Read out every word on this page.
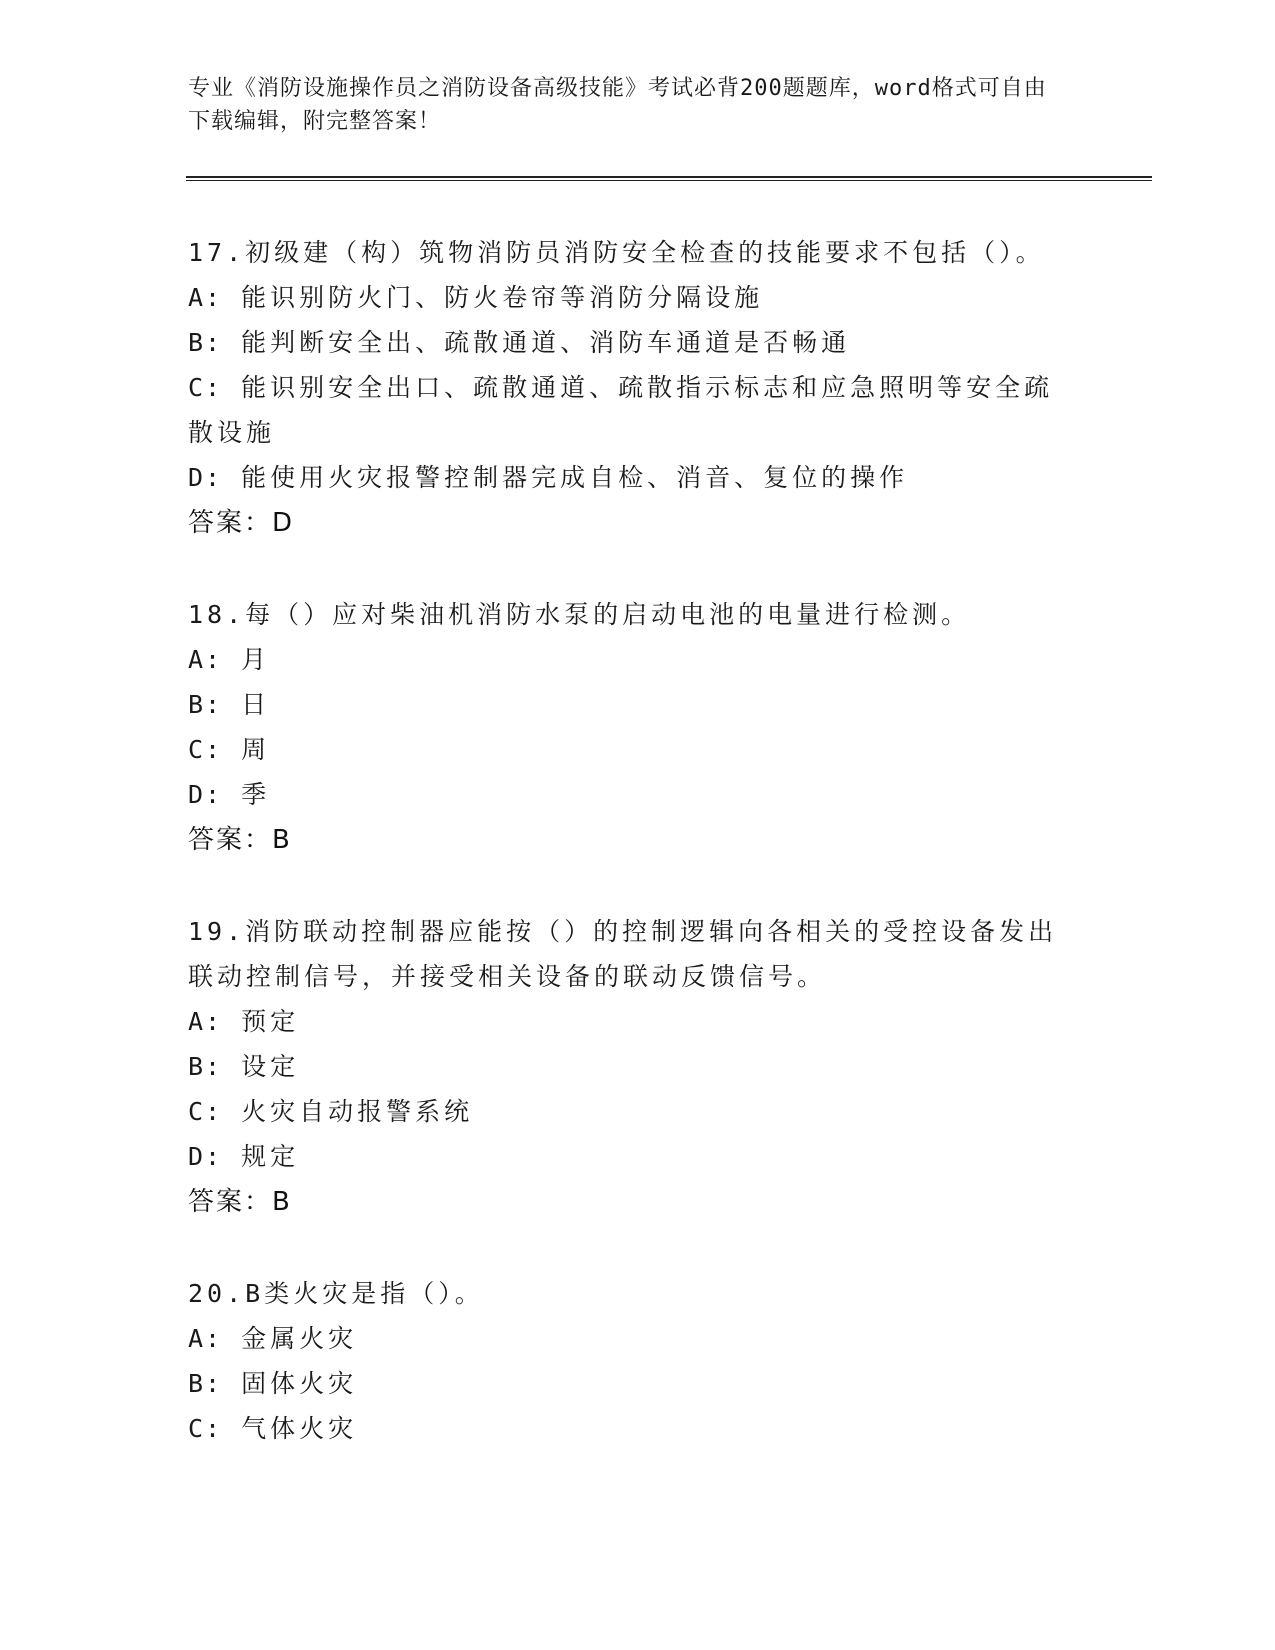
专业《消防设施操作员之消防设备高级技能》考试必背200题题库，word格式可自由下载编辑，附完整答案！
17.初级建（构）筑物消防员消防安全检查的技能要求不包括（）。
A: 能识别防火门、防火卷帘等消防分隔设施
B: 能判断安全出、疏散通道、消防车通道是否畅通
C: 能识别安全出口、疏散通道、疏散指示标志和应急照明等安全疏散设施
D: 能使用火灾报警控制器完成自检、消音、复位的操作
答案：D
18.每（）应对柴油机消防水泵的启动电池的电量进行检测。
A: 月
B: 日
C: 周
D: 季
答案：B
19.消防联动控制器应能按（）的控制逻辑向各相关的受控设备发出联动控制信号，并接受相关设备的联动反馈信号。
A: 预定
B: 设定
C: 火灾自动报警系统
D: 规定
答案：B
20.B类火灾是指（）。
A: 金属火灾
B: 固体火灾
C: 气体火灾
